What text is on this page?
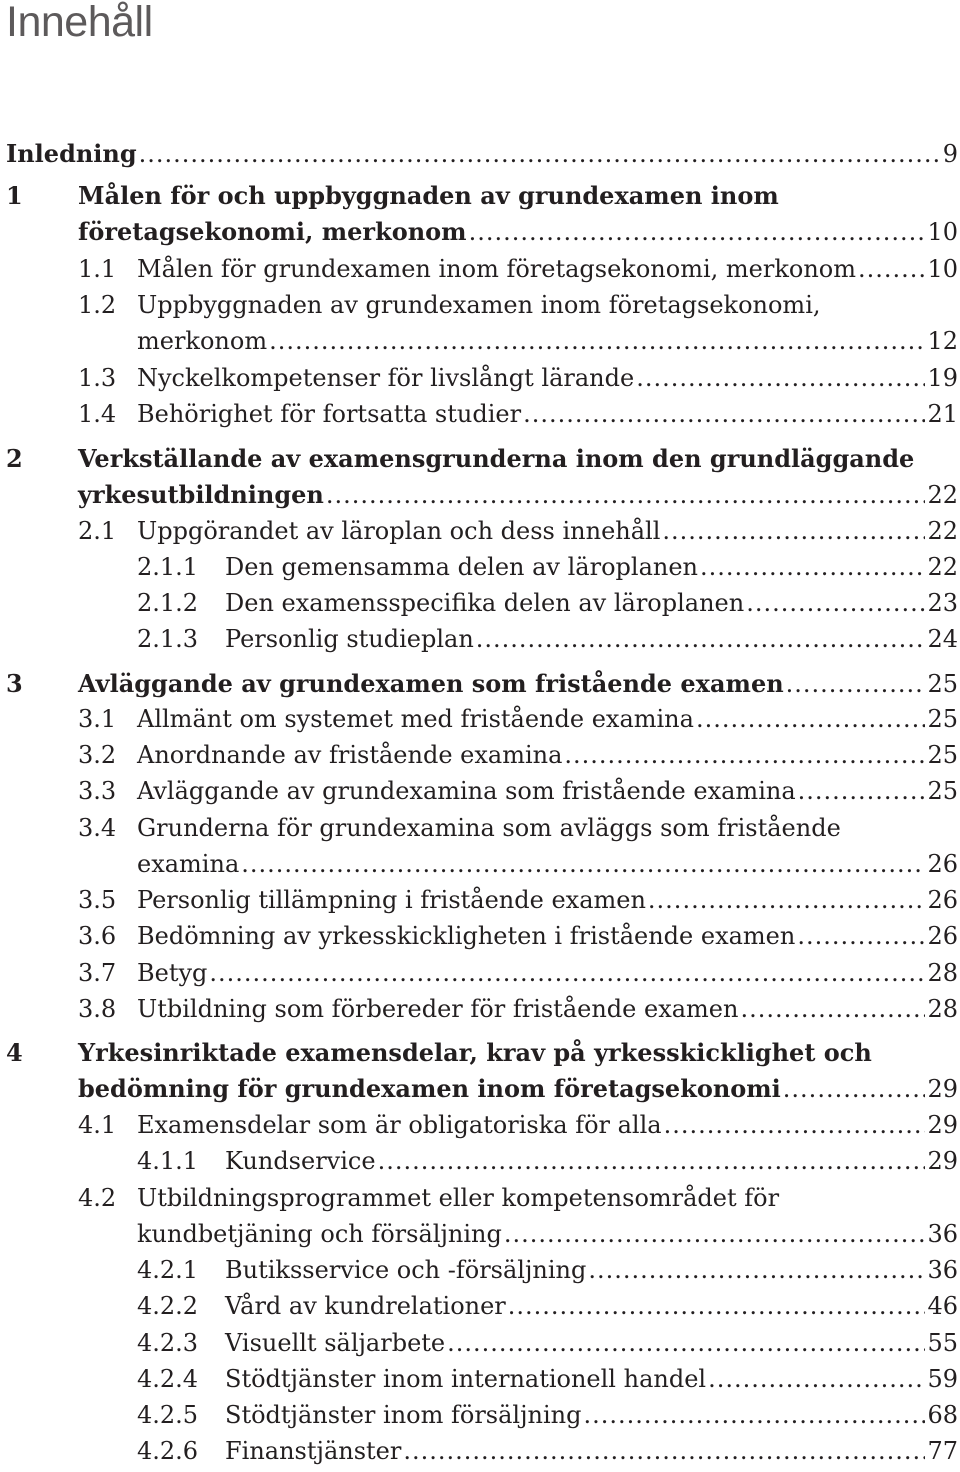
Innehåll
Inledning .....	9
1 Målen för och uppbyggnaden av grundexamen inom
företagsekonomi, merkonom .....	10
1.1 Målen för grundexamen inom företagsekonomi, merkonom .....	10
1.2 Uppbyggnaden av grundexamen inom företagsekonomi,
merkonom .....	12
1.3 Nyckelkompetenser för livslångt lärande .....	19
1.4 Behörighet för fortsatta studier .....	21
2 Verkställande av examensgrunderna inom den grundläggande
yrkesutbildningen .....	22
2.1 Uppgörandet av läroplan och dess innehåll .....	22
2.1.1 Den gemensamma delen av läroplanen .....	22
2.1.2 Den examensspecifika delen av läroplanen .....	23
2.1.3 Personlig studieplan .....	24
3 Avläggande av grundexamen som fristående examen .....	25
3.1 Allmänt om systemet med fristående examina .....	25
3.2 Anordnande av fristående examina .....	25
3.3 Avläggande av grundexamina som fristående examina .....	25
3.4 Grunderna för grundexamina som avläggs som fristående
examina .....	26
3.5 Personlig tillämpning i fristående examen .....	26
3.6 Bedömning av yrkesskickligheten i fristående examen .....	26
3.7 Betyg .....	28
3.8 Utbildning som förbereder för fristående examen .....	28
4 Yrkesinriktade examensdelar, krav på yrkesskicklighet och
bedömning för grundexamen inom företagsekonomi .....	29
4.1 Examensdelar som är obligatoriska för alla .....	29
4.1.1 Kundservice .....	29
4.2 Utbildningsprogrammet eller kompetensområdet för
kundbetjäning och försäljning .....	36
4.2.1 Butiksservice och -försäljning .....	36
4.2.2 Vård av kundrelationer .....	46
4.2.3 Visuellt säljarbete .....	55
4.2.4 Stödtjänster inom internationell handel .....	59
4.2.5 Stödtjänster inom försäljning .....	68
4.2.6 Finanstjänster .....	77
